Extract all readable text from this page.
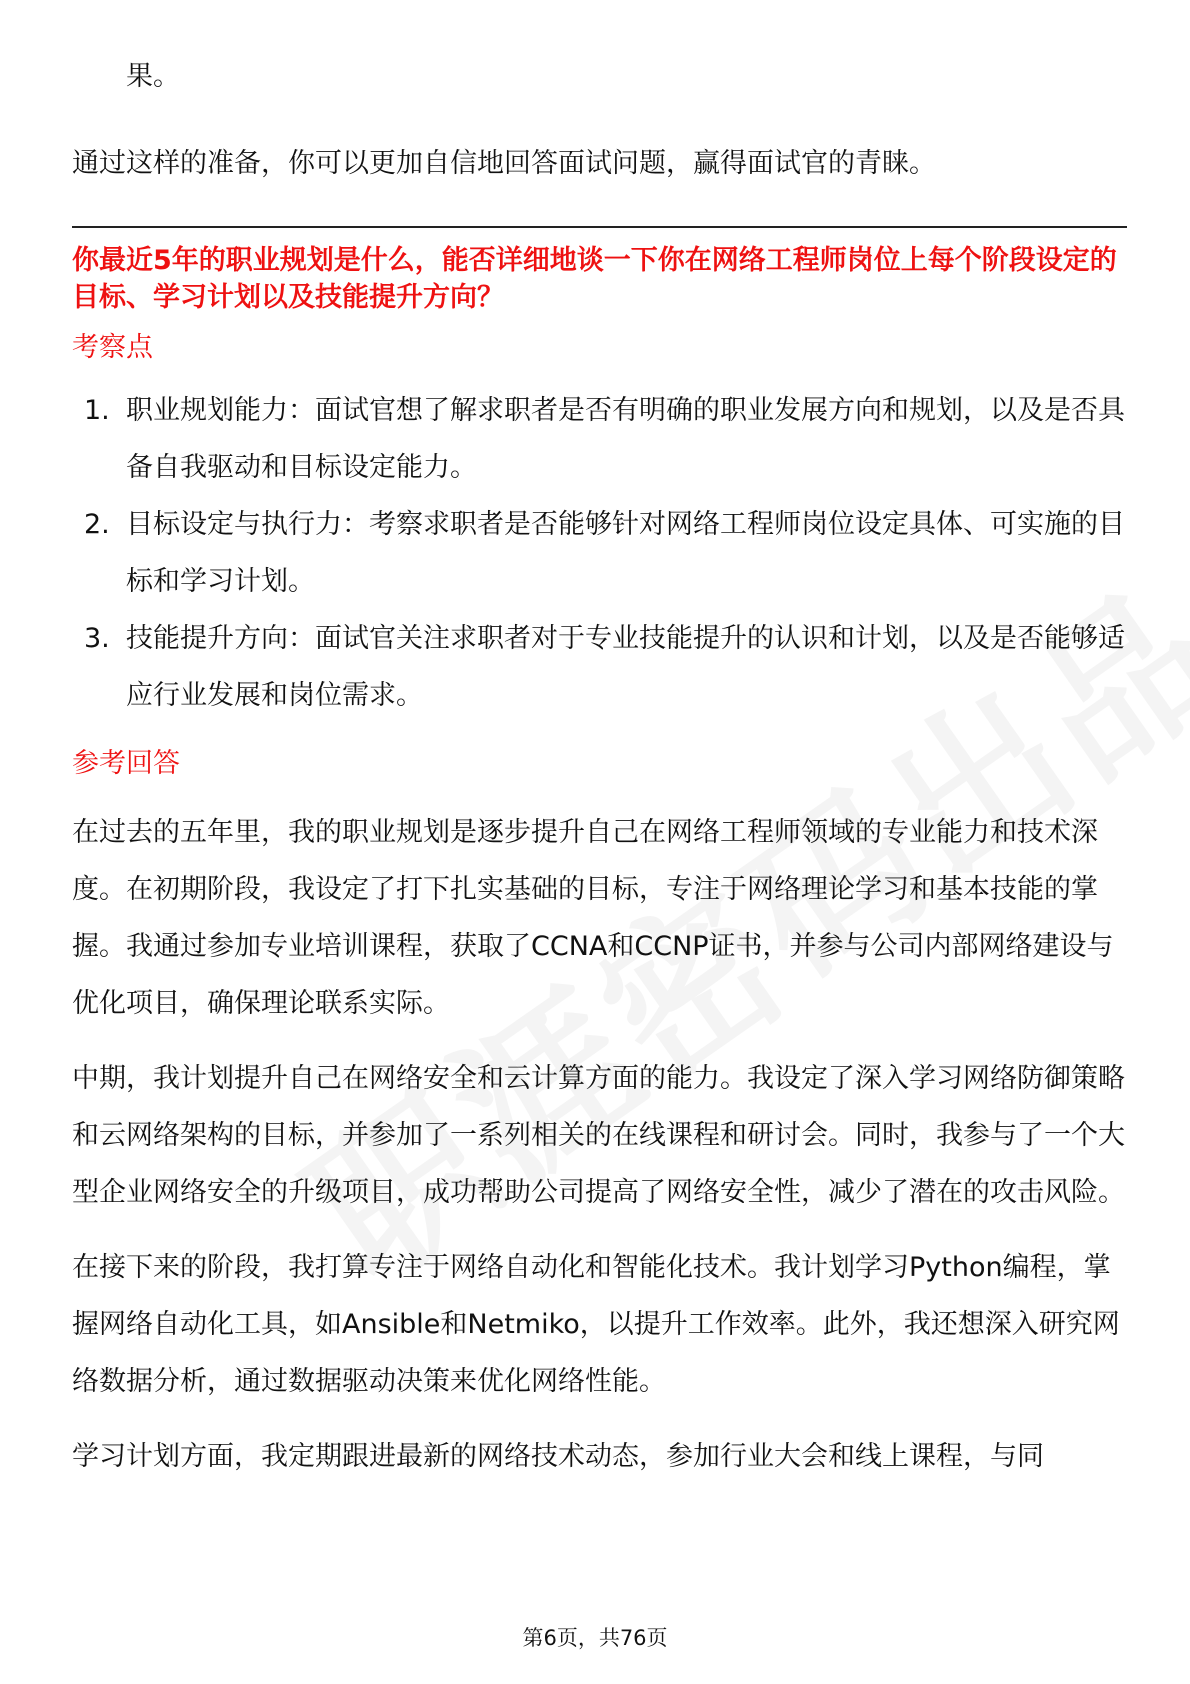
果。

通过这样的准备，你可以更加自信地回答面试问题，赢得面试官的青睐。

你最近5年的职业规划是什么，能否详细地谈一下你在网络工程师岗位上每个阶段设定的目标、学习计划以及技能提升方向？

考察点
1. 职业规划能力：面试官想了解求职者是否有明确的职业发展方向和规划，以及是否具备自我驱动和目标设定能力。
2. 目标设定与执行力：考察求职者是否能够针对网络工程师岗位设定具体、可实施的目标和学习计划。
3. 技能提升方向：面试官关注求职者对于专业技能提升的认识和计划，以及是否能够适应行业发展和岗位需求。
参考回答

在过去的五年里，我的职业规划是逐步提升自己在网络工程师领域的专业能力和技术深度。在初期阶段，我设定了打下扎实基础的目标，专注于网络理论学习和基本技能的掌握。我通过参加专业培训课程，获取了CCNA和CCNP证书，并参与公司内部网络建设与优化项目，确保理论联系实际。

中期，我计划提升自己在网络安全和云计算方面的能力。我设定了深入学习网络防御策略和云网络架构的目标，并参加了一系列相关的在线课程和研讨会。同时，我参与了一个大型企业网络安全的升级项目，成功帮助公司提高了网络安全性，减少了潜在的攻击风险。

在接下来的阶段，我打算专注于网络自动化和智能化技术。我计划学习Python编程，掌握网络自动化工具，如Ansible和Netmiko，以提升工作效率。此外，我还想深入研究网络数据分析，通过数据驱动决策来优化网络性能。

学习计划方面，我定期跟进最新的网络技术动态，参加行业大会和线上课程，与同

第6页，共76页
